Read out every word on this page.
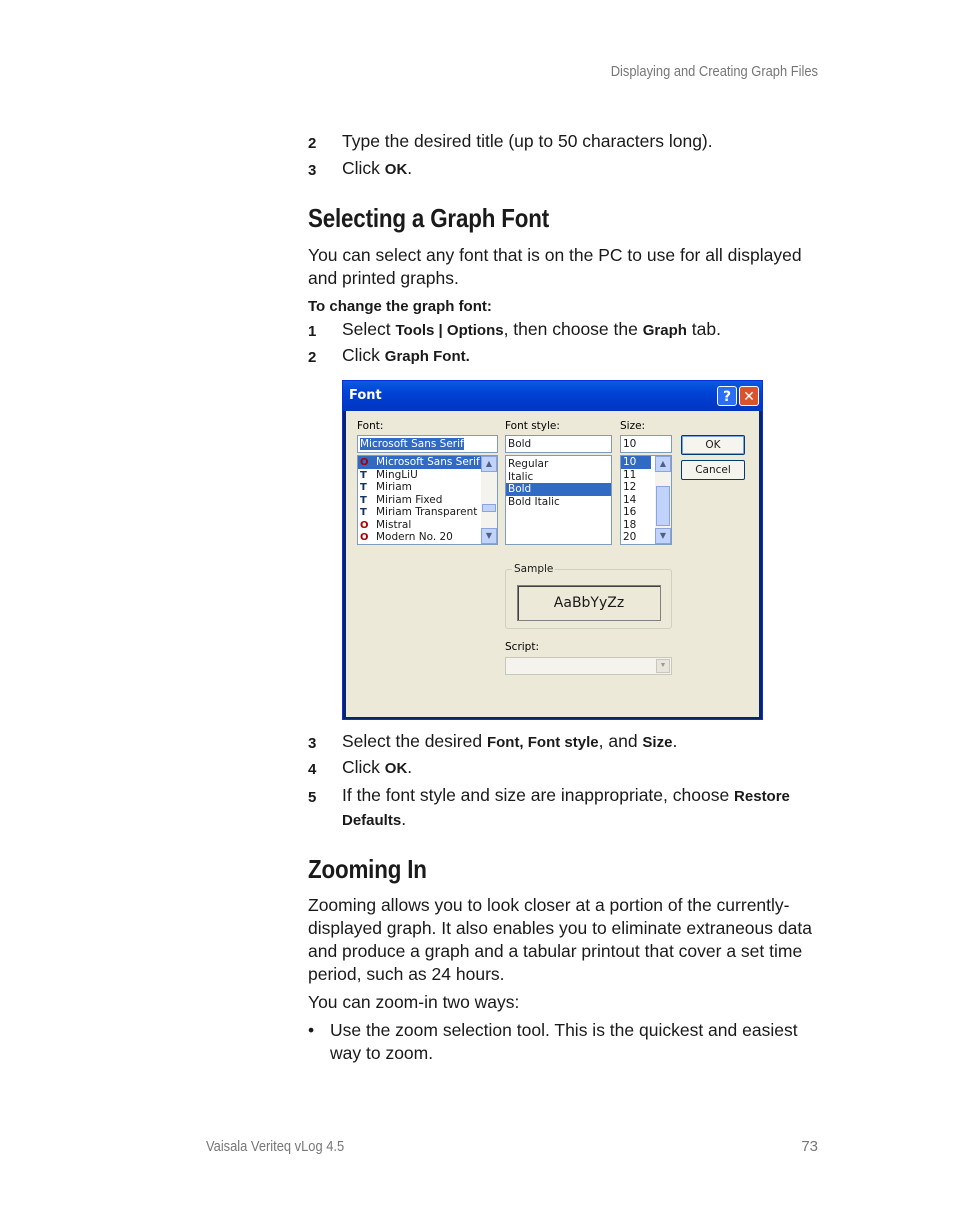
Displaying and Creating Graph Files
2 Type the desired title (up to 50 characters long).
3 Click OK.
Selecting a Graph Font
You can select any font that is on the PC to use for all displayed and printed graphs.
To change the graph font:
1 Select Tools | Options, then choose the Graph tab.
2 Click Graph Font.
Font	? ✕
Font:
Microsoft Sans Serif
O Microsoft Sans Serif
T MingLiU
T Miriam
T Miriam Fixed
T Miriam Transparent
O Mistral
O Modern No. 20
▲
▼
Font style:
Bold
Regular
Italic
Bold
Bold Italic
Size:
10
10
11
12
14
16
18
20
▲
▼
OK
Cancel
Sample
AaBbYyZz
Script:
▼
3 Select the desired Font, Font style, and Size.
4 Click OK.
5 If the font style and size are inappropriate, choose Restore Defaults.
Zooming In
Zooming allows you to look closer at a portion of the currently-displayed graph. It also enables you to eliminate extraneous data and produce a graph and a tabular printout that cover a set time period, such as 24 hours.
You can zoom-in two ways:
• Use the zoom selection tool. This is the quickest and easiest way to zoom.
Vaisala Veriteq vLog 4.5	73
